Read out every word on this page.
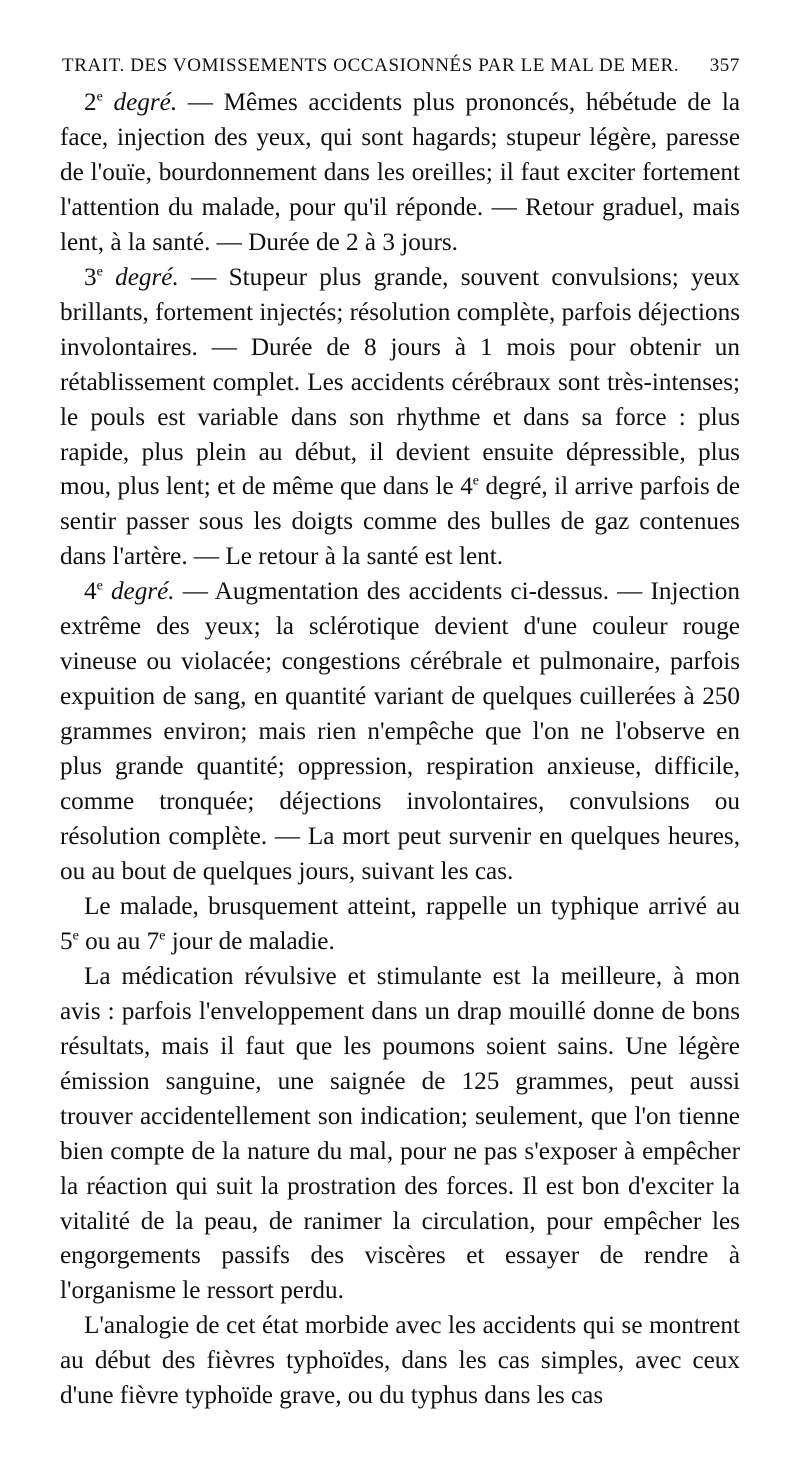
TRAIT. DES VOMISSEMENTS OCCASIONNÉS PAR LE MAL DE MER. 357

2e degré. — Mêmes accidents plus prononcés, hébétude de la face, injection des yeux, qui sont hagards; stupeur légère, paresse de l'ouïe, bourdonnement dans les oreilles; il faut exciter fortement l'attention du malade, pour qu'il réponde. — Retour graduel, mais lent, à la santé. — Durée de 2 à 3 jours.

3e degré. — Stupeur plus grande, souvent convulsions; yeux brillants, fortement injectés; résolution complète, parfois déjections involontaires. — Durée de 8 jours à 1 mois pour obtenir un rétablissement complet. Les accidents cérébraux sont très-intenses; le pouls est variable dans son rhythme et dans sa force : plus rapide, plus plein au début, il devient ensuite dépressible, plus mou, plus lent; et de même que dans le 4e degré, il arrive parfois de sentir passer sous les doigts comme des bulles de gaz contenues dans l'artère. — Le retour à la santé est lent.

4e degré. — Augmentation des accidents ci-dessus. — Injection extrême des yeux; la sclérotique devient d'une couleur rouge vineuse ou violacée; congestions cérébrale et pulmonaire, parfois expuition de sang, en quantité variant de quelques cuillerées à 250 grammes environ; mais rien n'empêche que l'on ne l'observe en plus grande quantité; oppression, respiration anxieuse, difficile, comme tronquée; déjections involontaires, convulsions ou résolution complète. — La mort peut survenir en quelques heures, ou au bout de quelques jours, suivant les cas.

Le malade, brusquement atteint, rappelle un typhique arrivé au 5e ou au 7e jour de maladie.

La médication révulsive et stimulante est la meilleure, à mon avis : parfois l'enveloppement dans un drap mouillé donne de bons résultats, mais il faut que les poumons soient sains. Une légère émission sanguine, une saignée de 125 grammes, peut aussi trouver accidentellement son indication; seulement, que l'on tienne bien compte de la nature du mal, pour ne pas s'exposer à empêcher la réaction qui suit la prostration des forces. Il est bon d'exciter la vitalité de la peau, de ranimer la circulation, pour empêcher les engorgements passifs des viscères et essayer de rendre à l'organisme le ressort perdu.

L'analogie de cet état morbide avec les accidents qui se montrent au début des fièvres typhoïdes, dans les cas simples, avec ceux d'une fièvre typhoïde grave, ou du typhus dans les cas
